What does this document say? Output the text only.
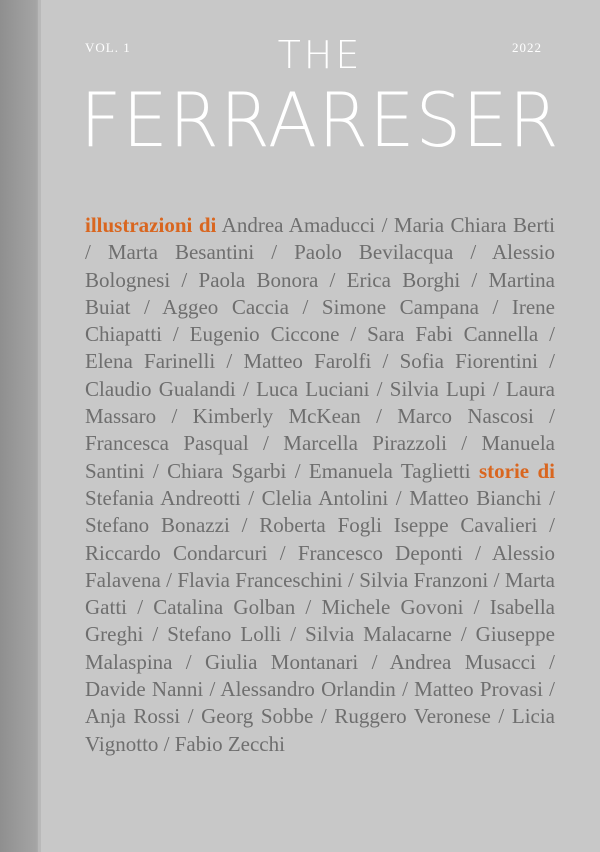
VOL. 1	2022
THE
FERRARESER
illustrazioni di Andrea Amaducci / Maria Chiara Berti / Marta Besantini / Paolo Bevilacqua / Alessio Bolognesi / Paola Bonora / Erica Borghi / Martina Buiat / Aggeo Caccia / Simone Campana / Irene Chiapatti / Eugenio Ciccone / Sara Fabi Cannella / Elena Farinelli / Matteo Farolfi / Sofia Fiorentini / Claudio Gualandi / Luca Luciani / Silvia Lupi / Laura Massaro / Kimberly McKean / Marco Nascosi / Francesca Pasqual / Marcella Pirazzoli / Manuela Santini / Chiara Sgarbi / Emanuela Taglietti storie di Stefania Andreotti / Clelia Antolini / Matteo Bianchi / Stefano Bonazzi / Roberta Fogli Iseppe Cavalieri / Riccardo Condarcuri / Francesco Deponti / Alessio Falavena / Flavia Franceschini / Silvia Franzoni / Marta Gatti / Catalina Golban / Michele Govoni / Isabella Greghi / Stefano Lolli / Silvia Malacarne / Giuseppe Malaspina / Giulia Montanari / Andrea Musacci / Davide Nanni / Alessandro Orlandin / Matteo Provasi / Anja Rossi / Georg Sobbe / Ruggero Veronese / Licia Vignotto / Fabio Zecchi
